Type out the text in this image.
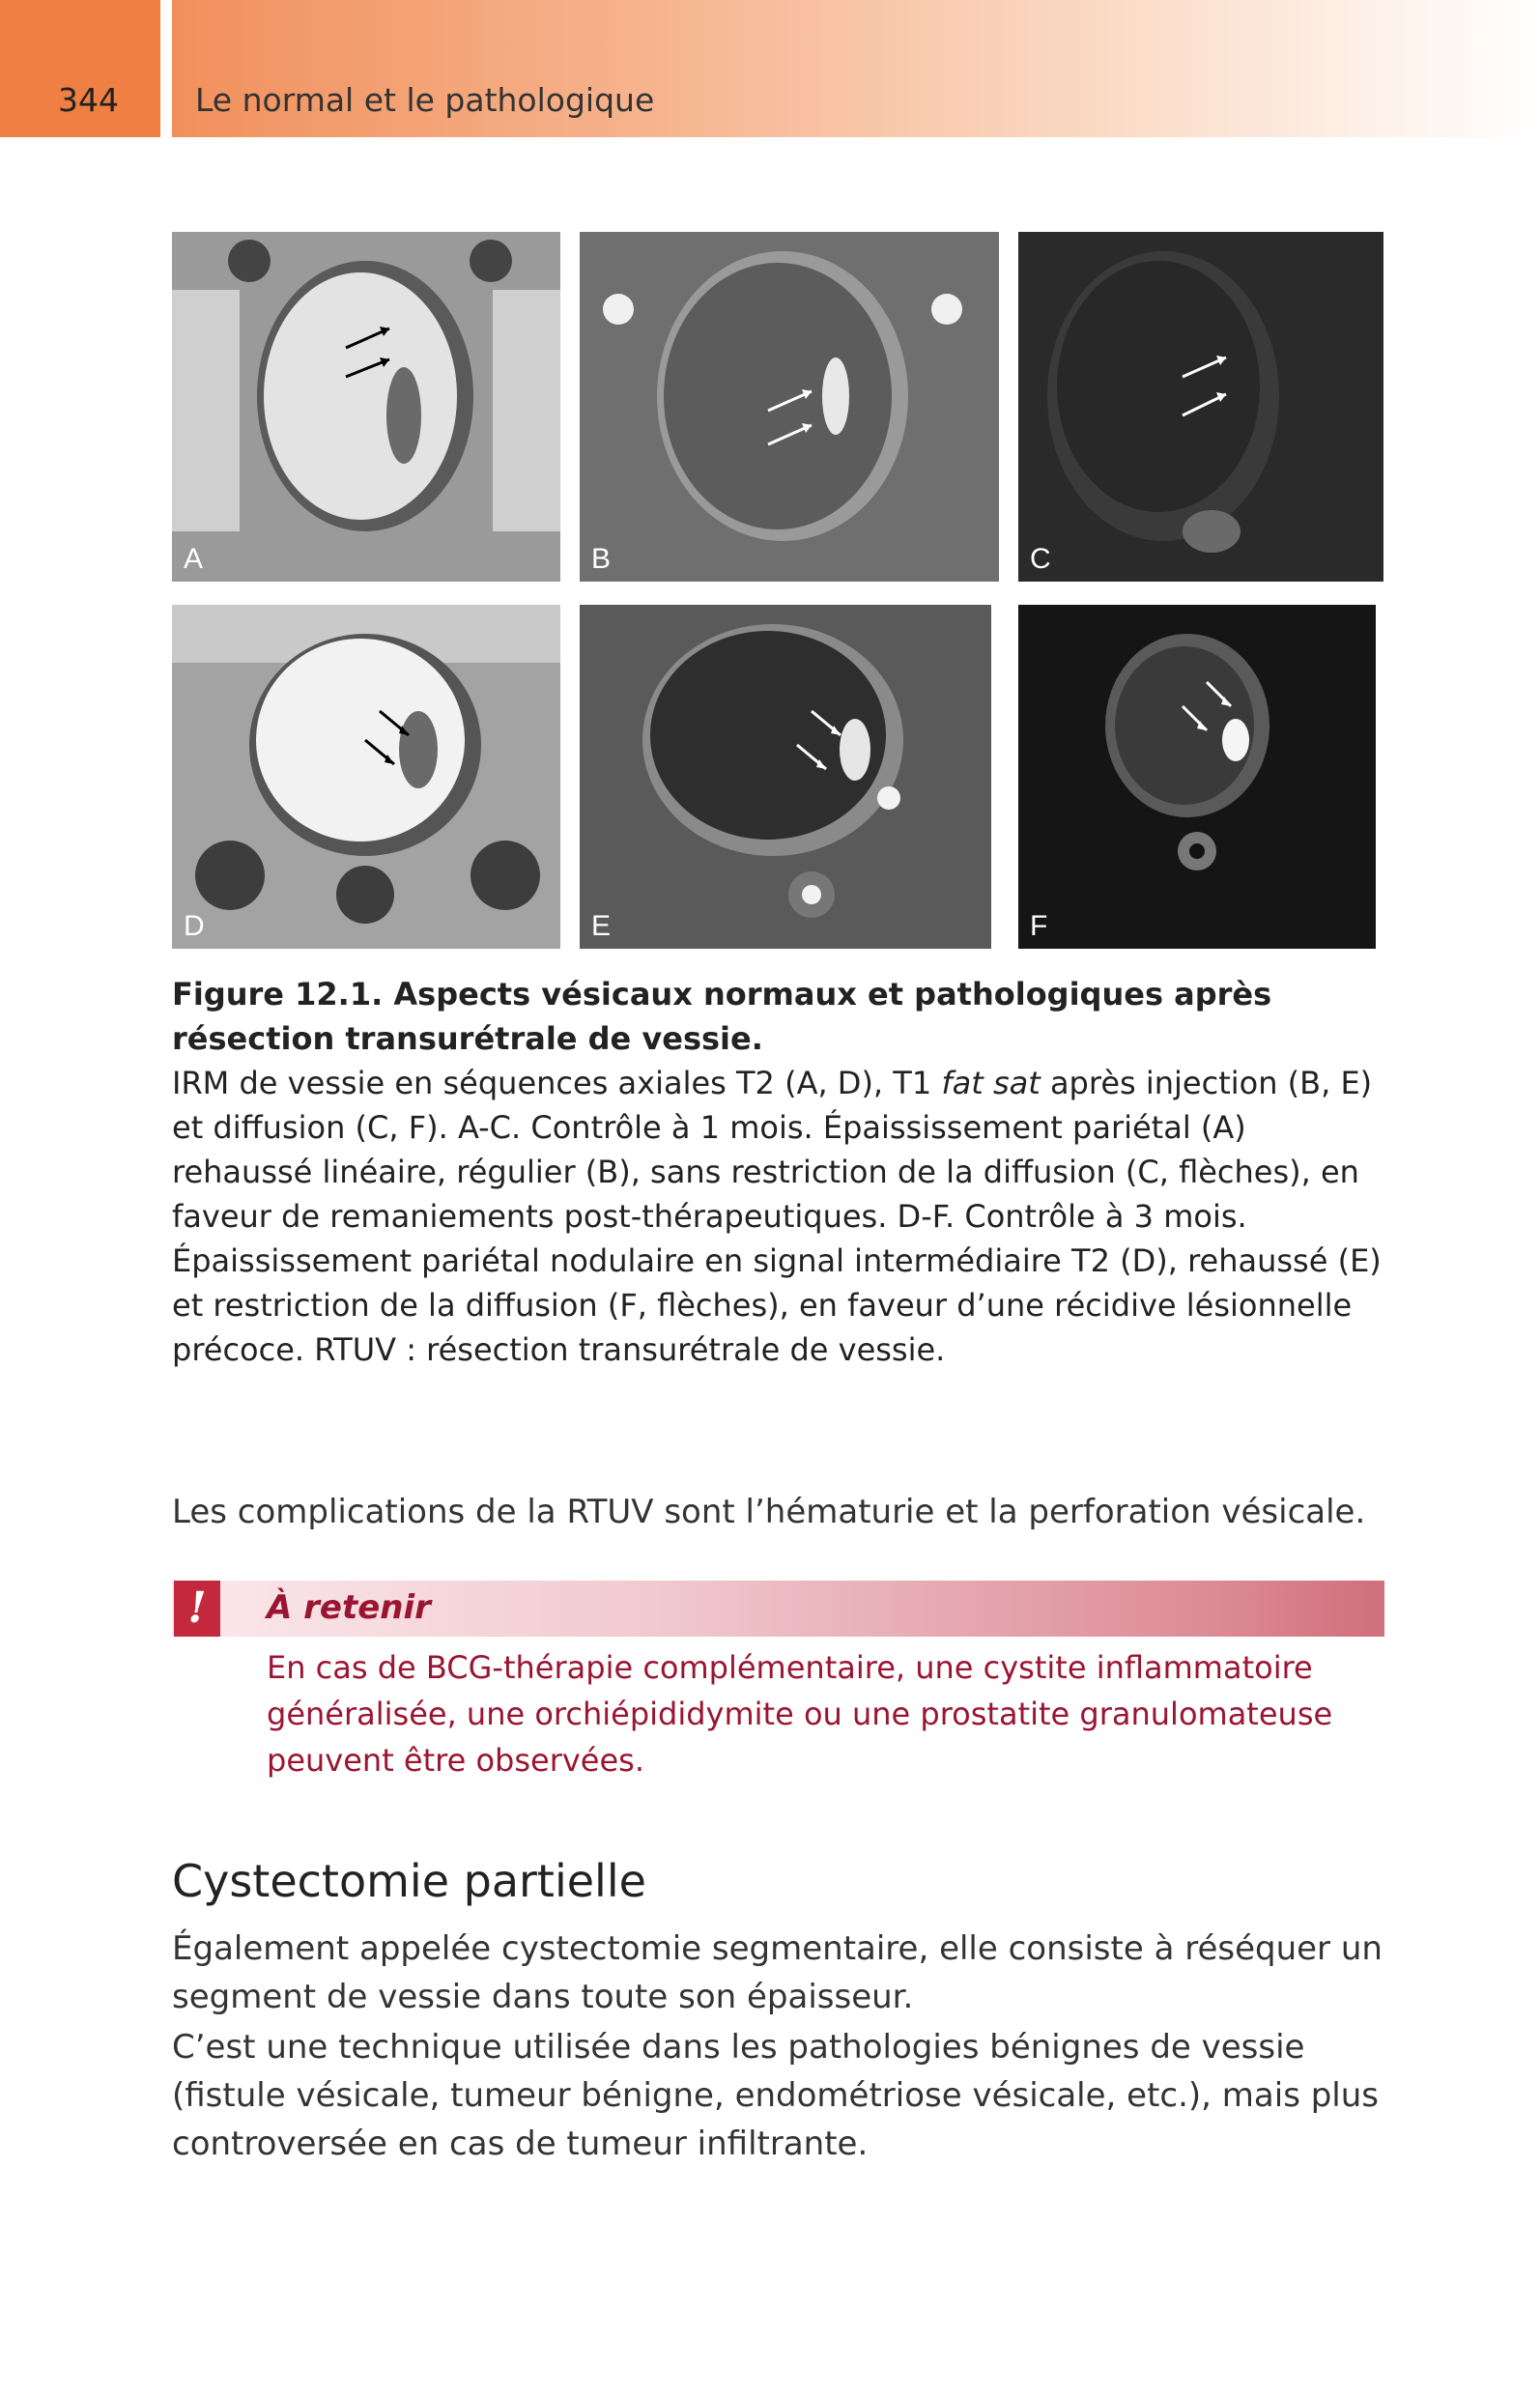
344 Le normal et le pathologique
A	B	C
D	E	F
Figure 12.1. Aspects vésicaux normaux et pathologiques après résection transurétrale de vessie.
IRM de vessie en séquences axiales T2 (A, D), T1 fat sat après injection (B, E) et diffusion (C, F). A-C. Contrôle à 1 mois. Épaississement pariétal (A) rehaussé linéaire, régulier (B), sans restriction de la diffusion (C, flèches), en faveur de remaniements post-thérapeutiques. D-F. Contrôle à 3 mois. Épaississement pariétal nodulaire en signal intermédiaire T2 (D), rehaussé (E) et restriction de la diffusion (F, flèches), en faveur d’une récidive lésionnelle précoce. RTUV : résection transurétrale de vessie.
Les complications de la RTUV sont l’hématurie et la perforation vésicale.
!	À retenir
En cas de BCG-thérapie complémentaire, une cystite inflammatoire généralisée, une orchiépididymite ou une prostatite granulomateuse peuvent être observées.
Cystectomie partielle
Également appelée cystectomie segmentaire, elle consiste à réséquer un segment de vessie dans toute son épaisseur.
C’est une technique utilisée dans les pathologies bénignes de vessie (fistule vésicale, tumeur bénigne, endométriose vésicale, etc.), mais plus controversée en cas de tumeur infiltrante.
